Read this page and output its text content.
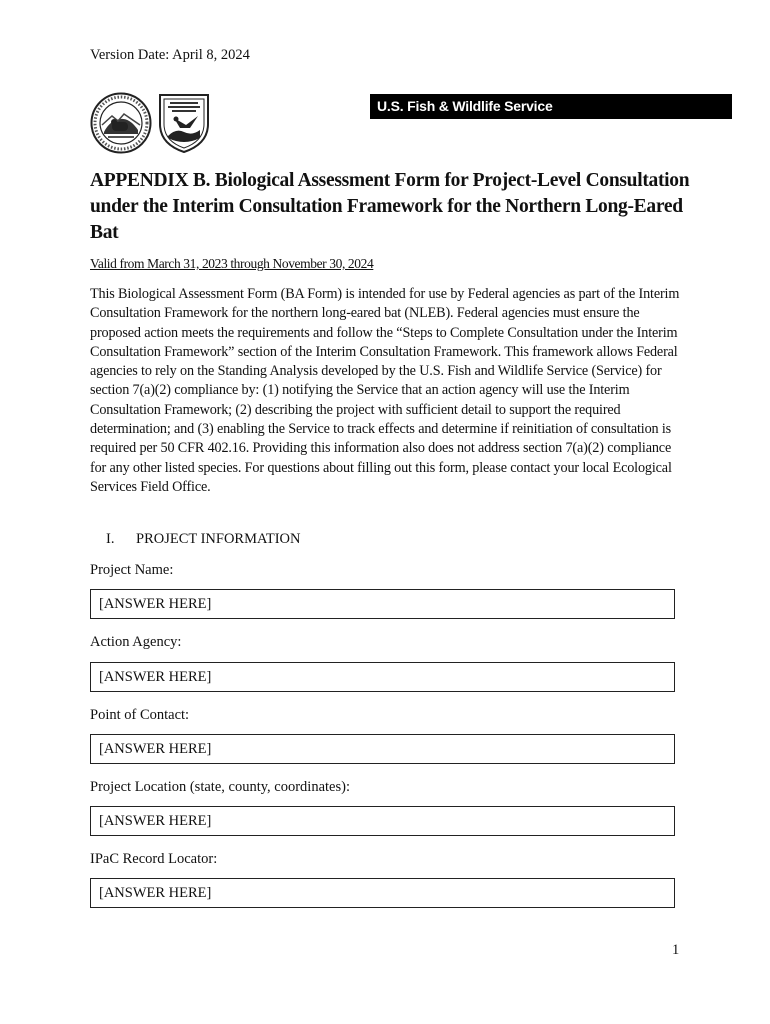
Version Date: April 8, 2024
U.S. Fish & Wildlife Service
APPENDIX B. Biological Assessment Form for Project-Level Consultation under the Interim Consultation Framework for the Northern Long-Eared Bat
Valid from March 31, 2023 through November 30, 2024
This Biological Assessment Form (BA Form) is intended for use by Federal agencies as part of the Interim Consultation Framework for the northern long-eared bat (NLEB). Federal agencies must ensure the proposed action meets the requirements and follow the “Steps to Complete Consultation under the Interim Consultation Framework” section of the Interim Consultation Framework. This framework allows Federal agencies to rely on the Standing Analysis developed by the U.S. Fish and Wildlife Service (Service) for section 7(a)(2) compliance by: (1) notifying the Service that an action agency will use the Interim Consultation Framework; (2) describing the project with sufficient detail to support the required determination; and (3) enabling the Service to track effects and determine if reinitiation of consultation is required per 50 CFR 402.16. Providing this information also does not address section 7(a)(2) compliance for any other listed species. For questions about filling out this form, please contact your local Ecological Services Field Office.
I. PROJECT INFORMATION
Project Name:
[ANSWER HERE]
Action Agency:
[ANSWER HERE]
Point of Contact:
[ANSWER HERE]
Project Location (state, county, coordinates):
[ANSWER HERE]
IPaC Record Locator:
[ANSWER HERE]
1
